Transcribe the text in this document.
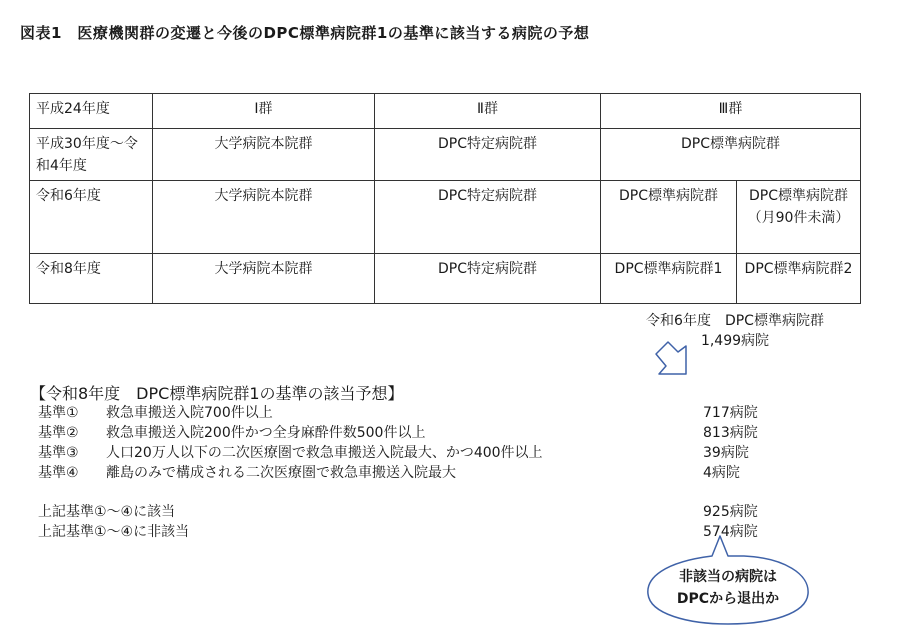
図表1　医療機関群の変遷と今後のDPC標準病院群1の基準に該当する病院の予想
平成24年度	Ⅰ群	Ⅱ群	Ⅲ群	
平成30年度～令和4年度	大学病院本院群	DPC特定病院群	DPC標準病院群	
令和6年度	大学病院本院群	DPC特定病院群	DPC標準病院群	DPC標準病院群（月90件未満）
令和8年度	大学病院本院群	DPC特定病院群	DPC標準病院群1	DPC標準病院群2
令和6年度　DPC標準病院群
1,499病院
【令和8年度　DPC標準病院群1の基準の該当予想】
基準① 救急車搬送入院700件以上	717病院
基準② 救急車搬送入院200件かつ全身麻酔件数500件以上	813病院
基準③ 人口20万人以下の二次医療圏で救急車搬送入院最大、かつ400件以上	39病院
基準④ 離島のみで構成される二次医療圏で救急車搬送入院最大	4病院
上記基準①～④に該当	925病院
上記基準①～④に非該当	574病院
非該当の病院は
DPCから退出か
